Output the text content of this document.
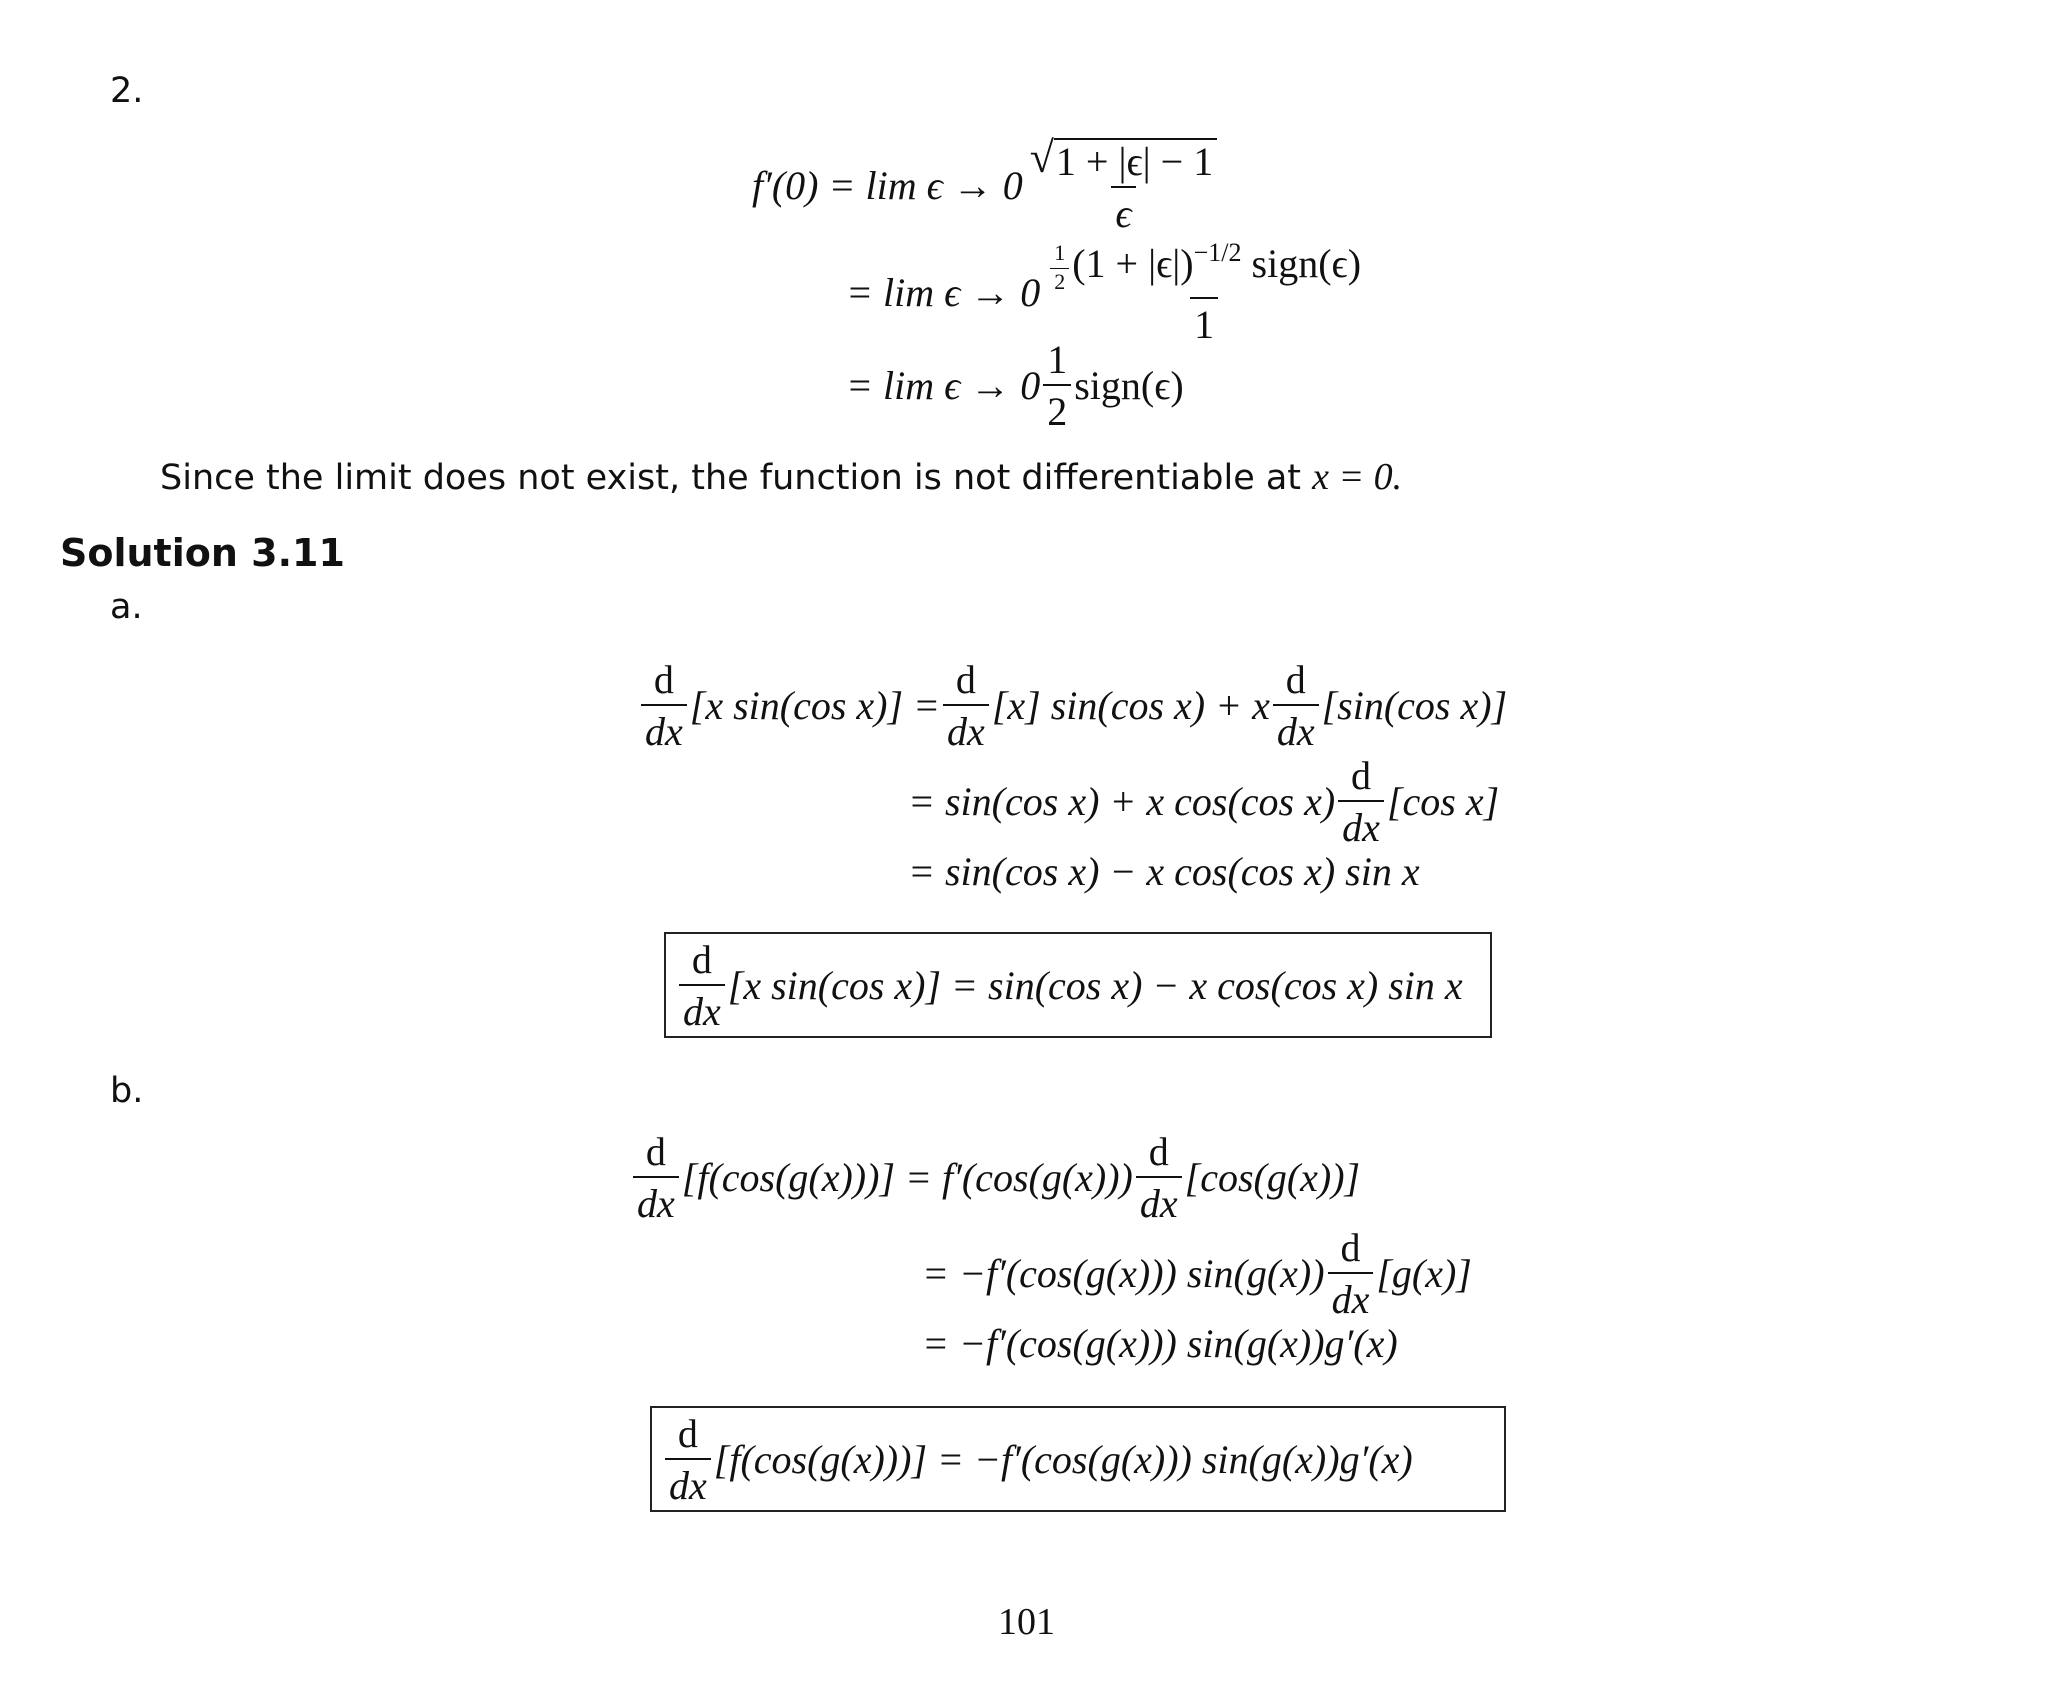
2.
$f'(0) = \lim \epsilon \to 0 \frac{√ 1 + |\epsilon| - 1}{\epsilon}$
= $\lim \epsilon \to 0 \frac{\frac{1}{2} (1 + |\epsilon|)^{-1/2} sign(\epsilon)}{1}$
= $\lim \epsilon \to 0 \frac{1}{2}$ sign(ϵ)
Since the limit does not exist, the function is not differentiable at x = 0.
Solution 3.11
a.
$\frac{d}{dx} [x$ sin(cos $x)] = \frac{d}{dx} [x]$ sin(cos x) + x $\frac{d}{dx} [\sin(\cos$ x)]
= sin(cos x) + x cos(cos $x) \frac{d}{dx} [\cos$ x]
= sin(cos x) − x cos(cos x) sin x
$\frac{d}{dx} [x$ sin(cos x)] = sin(cos x) − x cos(cos x) sin x
b.
$\frac{d}{dx} [f(\cos(g(x)))] = f'(\cos(g(x))) \frac{d}{dx} [\cos(g(x))]$
= −f′(cos(g(x))) $\sin(g(x)) \frac{d}{dx} [g(x)]$
= −f′(cos(g(x))) sin(g(x))g′(x)
$\frac{d}{dx} [f(\cos(g(x)))] = -f'(\cos(g(x)))$ sin(g(x))g′(x)
101
